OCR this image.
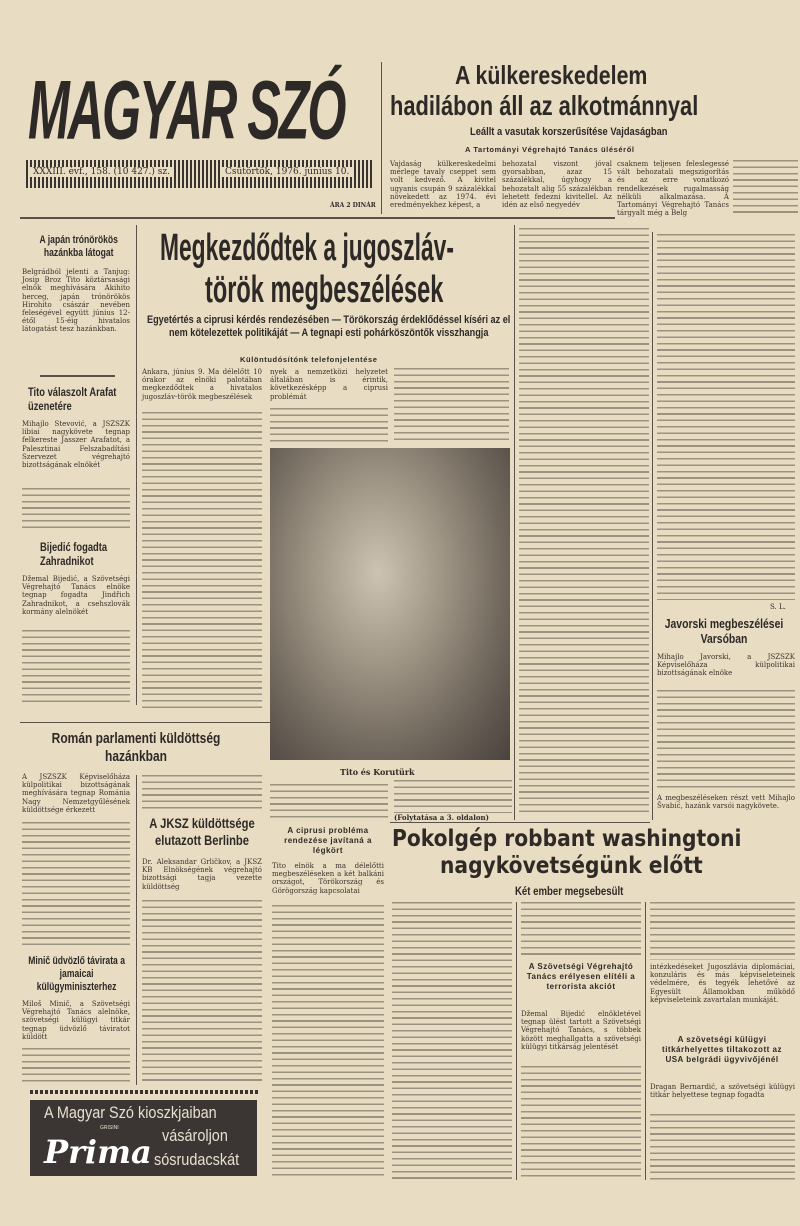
MAGYAR SZÓ
XXXIII. évf., 158. (10 427.) sz.	Csütörtök, 1976. június 10.
ÁRA 2 DINÁR
A külkereskedelem
hadilábon áll az alkotmánnyal
Leállt a vasutak korszerűsítése Vajdaságban
A Tartományi Végrehajtó Tanács üléséről
Vajdaság külkereskedelmi mérlege tavaly cseppet sem volt kedvező. A kivitel ugyanis csupán 9 százalékkal növekedett az 1974. évi eredményekhez képest, a
behozatal viszont jóval gyorsabban, azaz 15 százalékkal, úgyhogy a behozatalt alig 55 százalékban lehetett fedezni kivitellel. Az idén az első negyedév
csaknem teljesen feleslegessé vált behozatali megszigorítás és az erre vonatkozó rendelkezések rugalmasság nélküli alkalmazása. A Tartományi Végrehajtó Tanács tárgyalt még a Belg
A japán trónörökös hazánkba látogat
Belgrádból jelenti a Tanjug: Josip Broz Tito köztársasági elnök meghívására Akihito herceg, japán trónörökös Hirohito császár nevében feleségével együtt június 12-étől 15-éig hivatalos látogatást tesz hazánkban.
Tito válaszolt Arafat üzenetére
Mihajlo Stevović, a JSZSZK libiai nagykövete tegnap felkereste Jasszer Arafatot, a Palesztinai Felszabadítási Szervezet végrehajtó bizottságának elnökét
Bijedić fogadta Zahradnikot
Džemal Bijedić, a Szövetségi Végrehajtó Tanács elnöke tegnap fogadta Jindřich Zahradnikot, a csehszlovák kormány alelnökét
Román parlamenti küldöttség hazánkban
A JSZSZK Képviselőháza külpolitikai bizottságának meghívására tegnap Románia Nagy Nemzetgyűlésének küldöttsége érkezett
A JKSZ küldöttsége elutazott Berlinbe
Dr. Aleksandar Grličkov, a JKSZ KB Elnökségének végrehajtó bizottsági tagja vezette küldöttség
Minič üdvözlő távirata a jamaicai külügyminiszterhez
Miloš Minič, a Szövetségi Végrehajtó Tanács alelnöke, szövetségi külügyi titkár tegnap üdvözlő táviratot küldött
A Magyar Szó kioszkjaiban
GRISINI
Prima vásároljon
sósrudacskát
Megkezdődtek a jugoszláv-
török megbeszélések
Egyetértés a ciprusi kérdés rendezésében — Törökország érdeklődéssel kíséri az el nem kötelezettek politikáját — A tegnapi esti pohárköszöntők visszhangja
Különtudósítónk telefonjelentése
Ankara, június 9. Ma délelőtt 10 órakor az elnöki palotában megkezdődtek a hivatalos jugoszláv-török megbeszélések
nyek a nemzetközi helyzetet általában is érintik, következésképp a ciprusi problémát
Tito és Korutürk
A ciprusi probléma rendezése javítaná a légkört
Tito elnök a ma délelőtti megbeszéléseken a két balkáni országot, Törökország és Görögország kapcsolatai
(Folytatása a 3. oldalon)
S. L.
Javorski megbeszélései Varsóban
Mihajlo Javorski, a JSZSZK Képviselőháza külpolitikai bizottságának elnöke
A megbeszéléseken részt vett Mihajlo Švabić, hazánk varsói nagykövete.
Pokolgép robbant washingtoni
nagykövetségünk előtt
Két ember megsebesült
A Szövetségi Végrehajtó Tanács erélyesen elítéli a terrorista akciót
Džemal Bijedić elnökletével tegnap ülést tartott a Szövetségi Végrehajtó Tanács, s többek között meghallgatta a szövetségi külügyi titkárság jelentését
intézkedéseket Jugoszlávia diplomáciai, konzuláris és más képviseleteinek védelmére, és tegyék lehetővé az Egyesült Államokban működő képviseleteink zavartalan munkáját.
A szövetségi külügyi titkárhelyettes tiltakozott az USA belgrádi ügyvivőjénél
Dragan Bernardić, a szövetségi külügyi titkár helyettese tegnap fogadta
